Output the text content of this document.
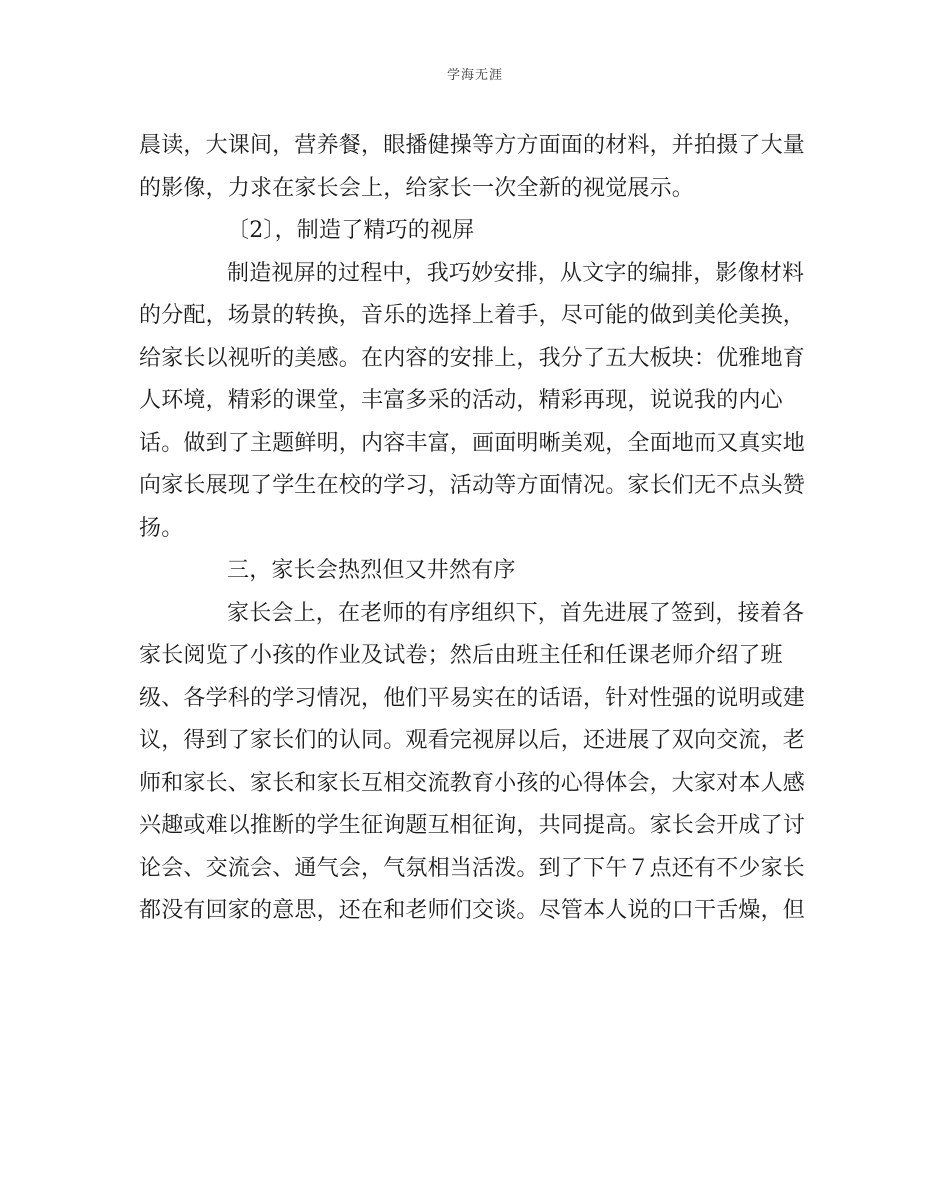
学海无涯
晨读，大课间，营养餐，眼播健操等方方面面的材料，并拍摄了大量
的影像，力求在家长会上，给家长一次全新的视觉展示。
〔2〕，制造了精巧的视屏
制造视屏的过程中，我巧妙安排，从文字的编排，影像材料
的分配，场景的转换，音乐的选择上着手，尽可能的做到美伦美换，
给家长以视听的美感。在内容的安排上，我分了五大板块：优雅地育
人环境，精彩的课堂，丰富多采的活动，精彩再现，说说我的内心
话。做到了主题鲜明，内容丰富，画面明晰美观，全面地而又真实地
向家长展现了学生在校的学习，活动等方面情况。家长们无不点头赞
扬。
三，家长会热烈但又井然有序
家长会上，在老师的有序组织下，首先进展了签到，接着各
家长阅览了小孩的作业及试卷；然后由班主任和任课老师介绍了班
级、各学科的学习情况，他们平易实在的话语，针对性强的说明或建
议，得到了家长们的认同。观看完视屏以后，还进展了双向交流，老
师和家长、家长和家长互相交流教育小孩的心得体会，大家对本人感
兴趣或难以推断的学生征询题互相征询，共同提高。家长会开成了讨
论会、交流会、通气会，气氛相当活泼。到了下午７点还有不少家长
都没有回家的意思，还在和老师们交谈。尽管本人说的口干舌燥，但
